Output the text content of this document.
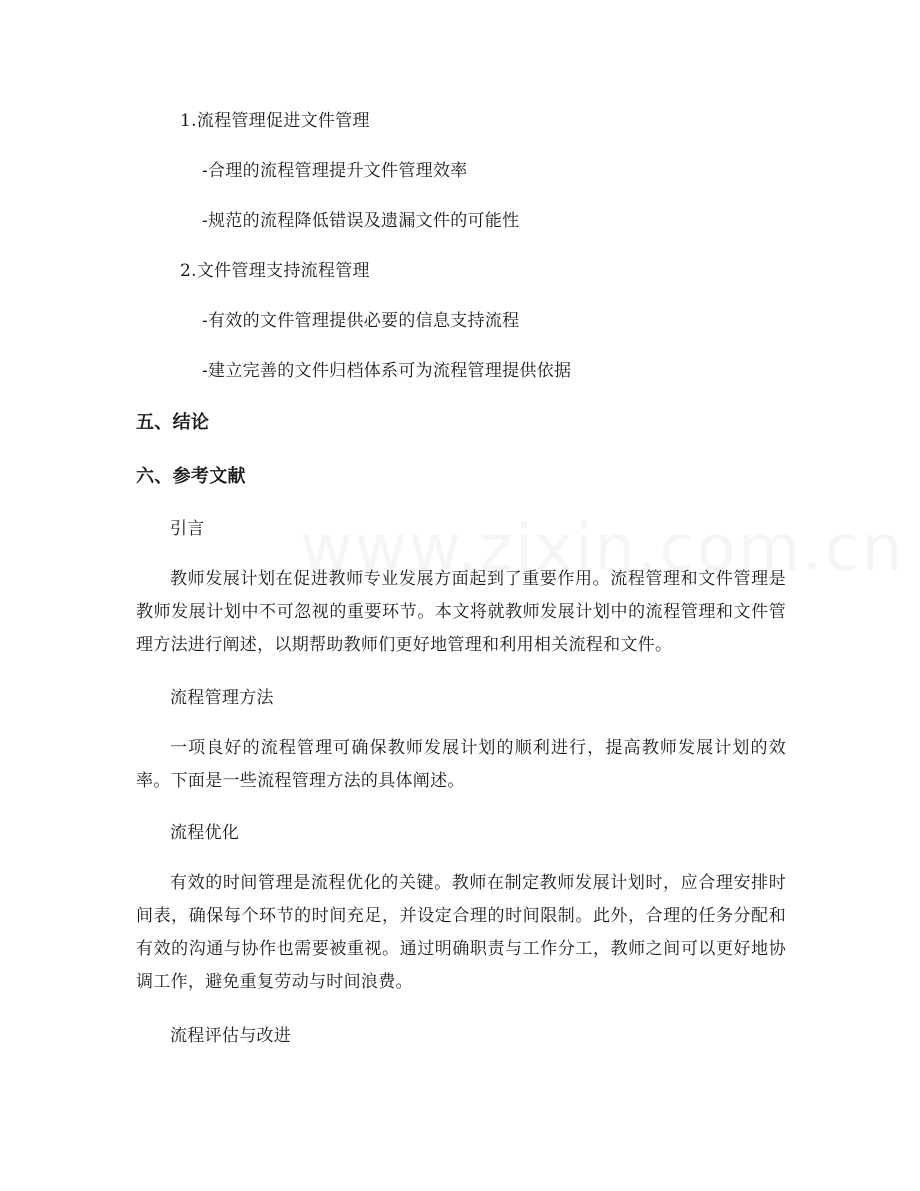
1.流程管理促进文件管理
-合理的流程管理提升文件管理效率
-规范的流程降低错误及遗漏文件的可能性
2.文件管理支持流程管理
-有效的文件管理提供必要的信息支持流程
-建立完善的文件归档体系可为流程管理提供依据
五、结论
六、参考文献
引言
教师发展计划在促进教师专业发展方面起到了重要作用。流程管理和文件管理是教师发展计划中不可忽视的重要环节。本文将就教师发展计划中的流程管理和文件管理方法进行阐述，以期帮助教师们更好地管理和利用相关流程和文件。
流程管理方法
一项良好的流程管理可确保教师发展计划的顺利进行，提高教师发展计划的效率。下面是一些流程管理方法的具体阐述。
流程优化
有效的时间管理是流程优化的关键。教师在制定教师发展计划时，应合理安排时间表，确保每个环节的时间充足，并设定合理的时间限制。此外，合理的任务分配和有效的沟通与协作也需要被重视。通过明确职责与工作分工，教师之间可以更好地协调工作，避免重复劳动与时间浪费。
流程评估与改进
